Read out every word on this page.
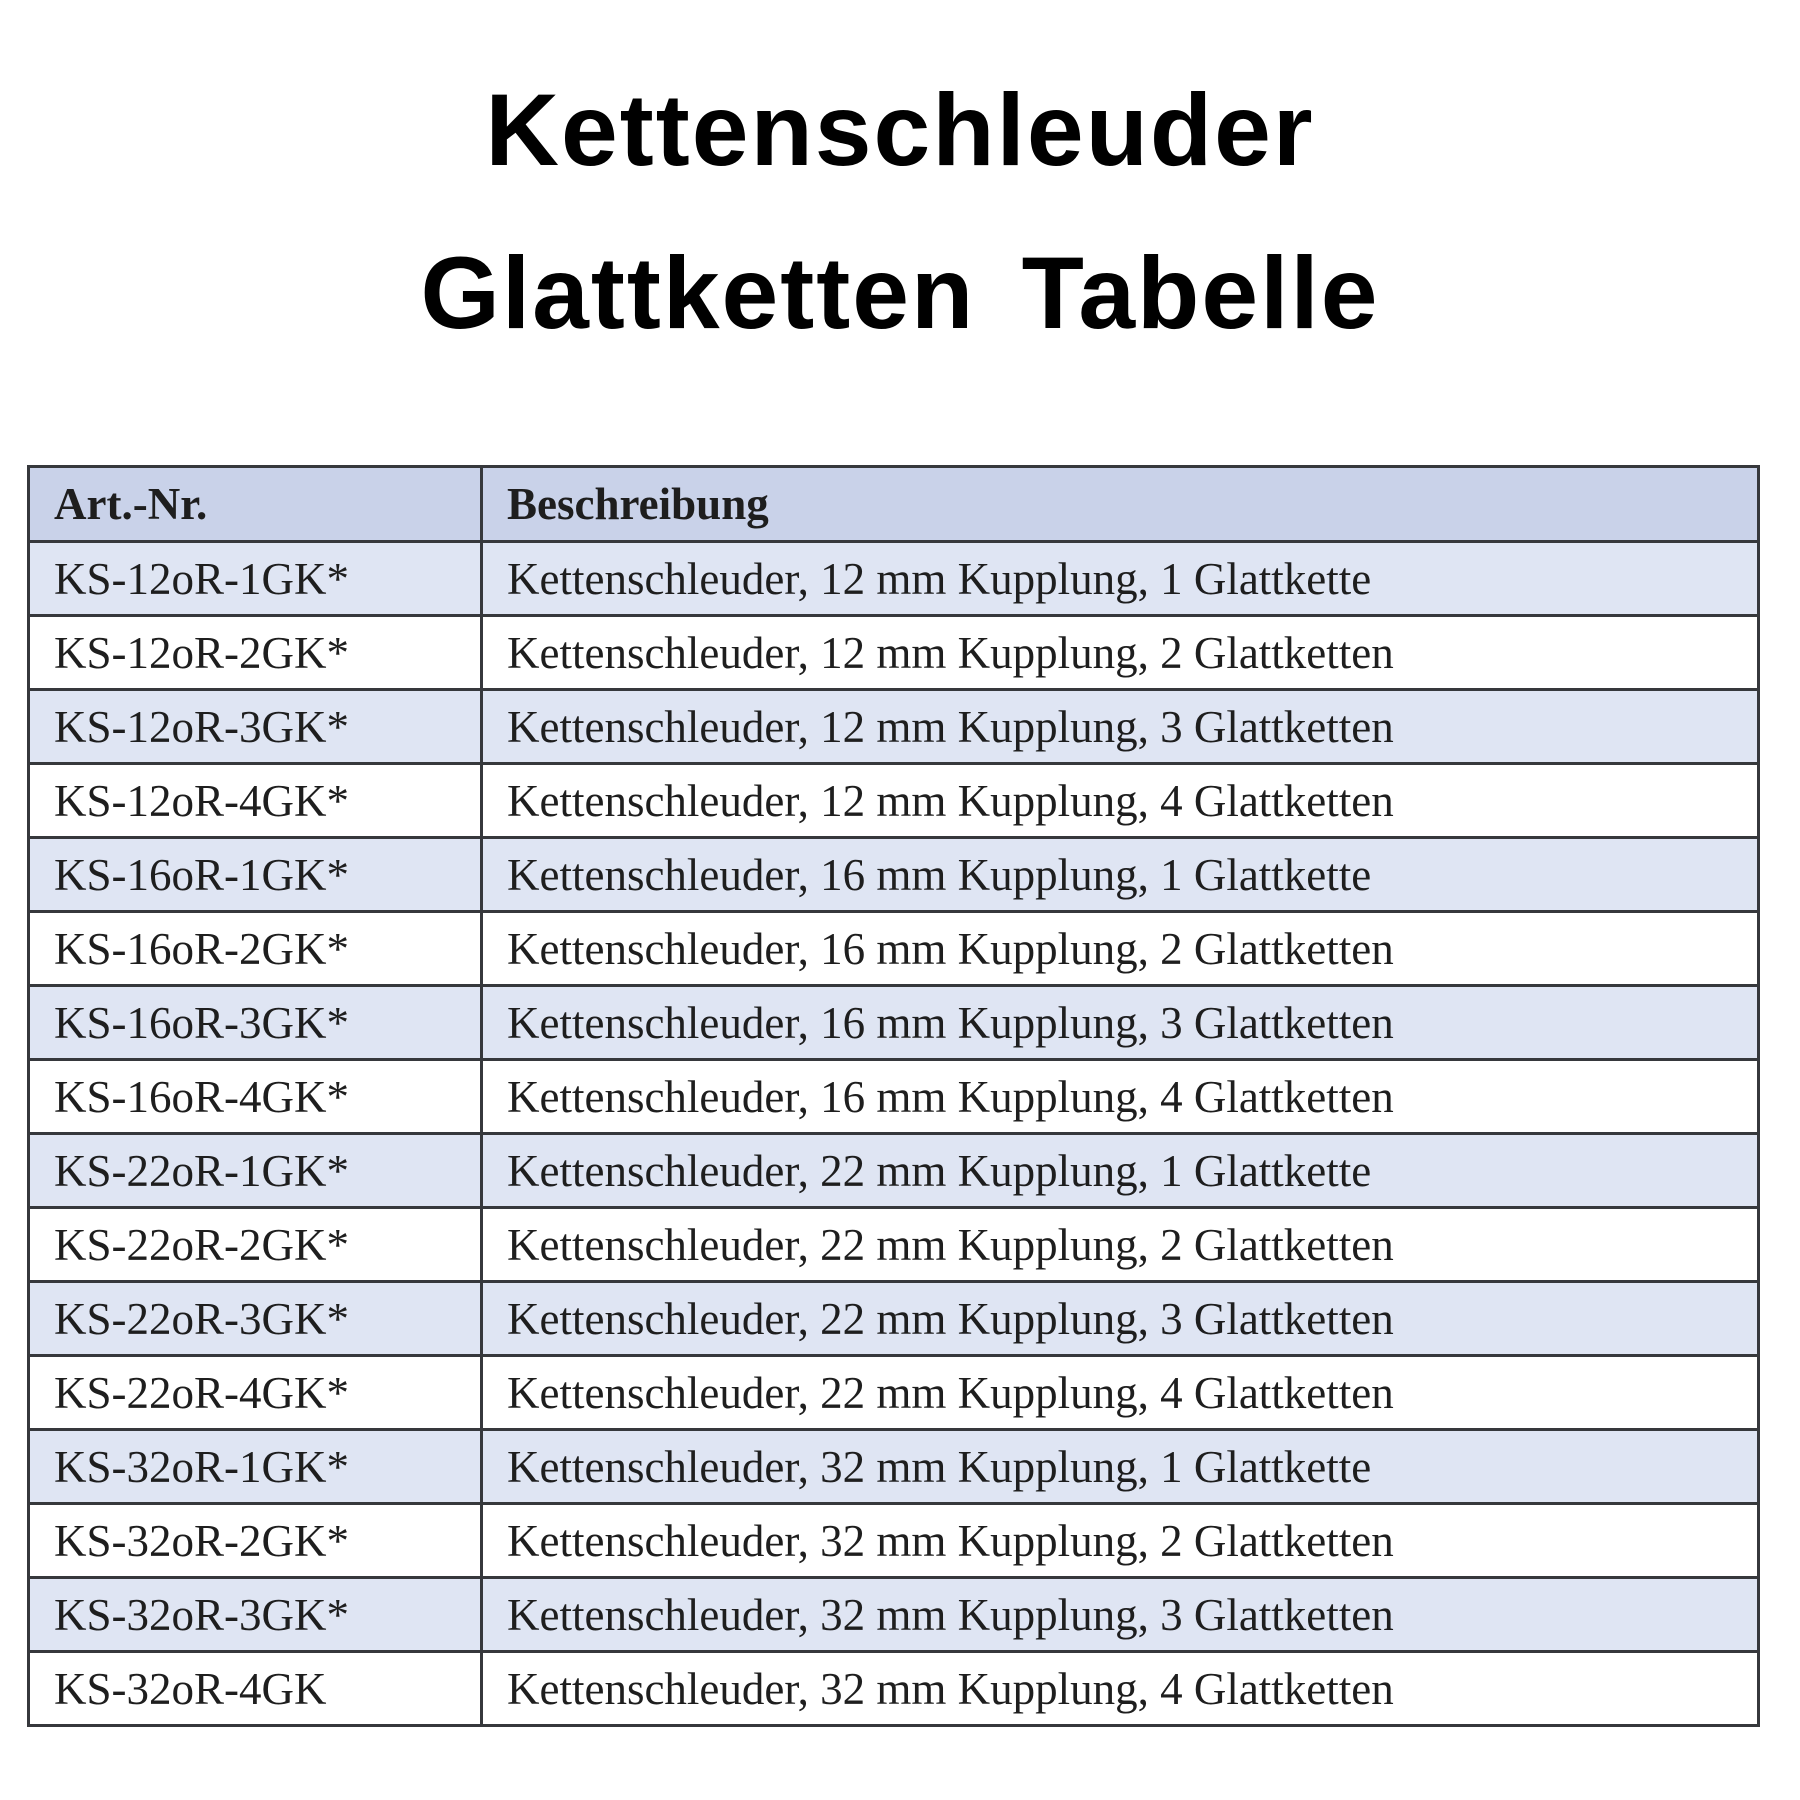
Kettenschleuder
Glattketten Tabelle
Art.-Nr.	Beschreibung
KS-12oR-1GK*	Kettenschleuder, 12 mm Kupplung, 1 Glattkette
KS-12oR-2GK*	Kettenschleuder, 12 mm Kupplung, 2 Glattketten
KS-12oR-3GK*	Kettenschleuder, 12 mm Kupplung, 3 Glattketten
KS-12oR-4GK*	Kettenschleuder, 12 mm Kupplung, 4 Glattketten
KS-16oR-1GK*	Kettenschleuder, 16 mm Kupplung, 1 Glattkette
KS-16oR-2GK*	Kettenschleuder, 16 mm Kupplung, 2 Glattketten
KS-16oR-3GK*	Kettenschleuder, 16 mm Kupplung, 3 Glattketten
KS-16oR-4GK*	Kettenschleuder, 16 mm Kupplung, 4 Glattketten
KS-22oR-1GK*	Kettenschleuder, 22 mm Kupplung, 1 Glattkette
KS-22oR-2GK*	Kettenschleuder, 22 mm Kupplung, 2 Glattketten
KS-22oR-3GK*	Kettenschleuder, 22 mm Kupplung, 3 Glattketten
KS-22oR-4GK*	Kettenschleuder, 22 mm Kupplung, 4 Glattketten
KS-32oR-1GK*	Kettenschleuder, 32 mm Kupplung, 1 Glattkette
KS-32oR-2GK*	Kettenschleuder, 32 mm Kupplung, 2 Glattketten
KS-32oR-3GK*	Kettenschleuder, 32 mm Kupplung, 3 Glattketten
KS-32oR-4GK	Kettenschleuder, 32 mm Kupplung, 4 Glattketten
